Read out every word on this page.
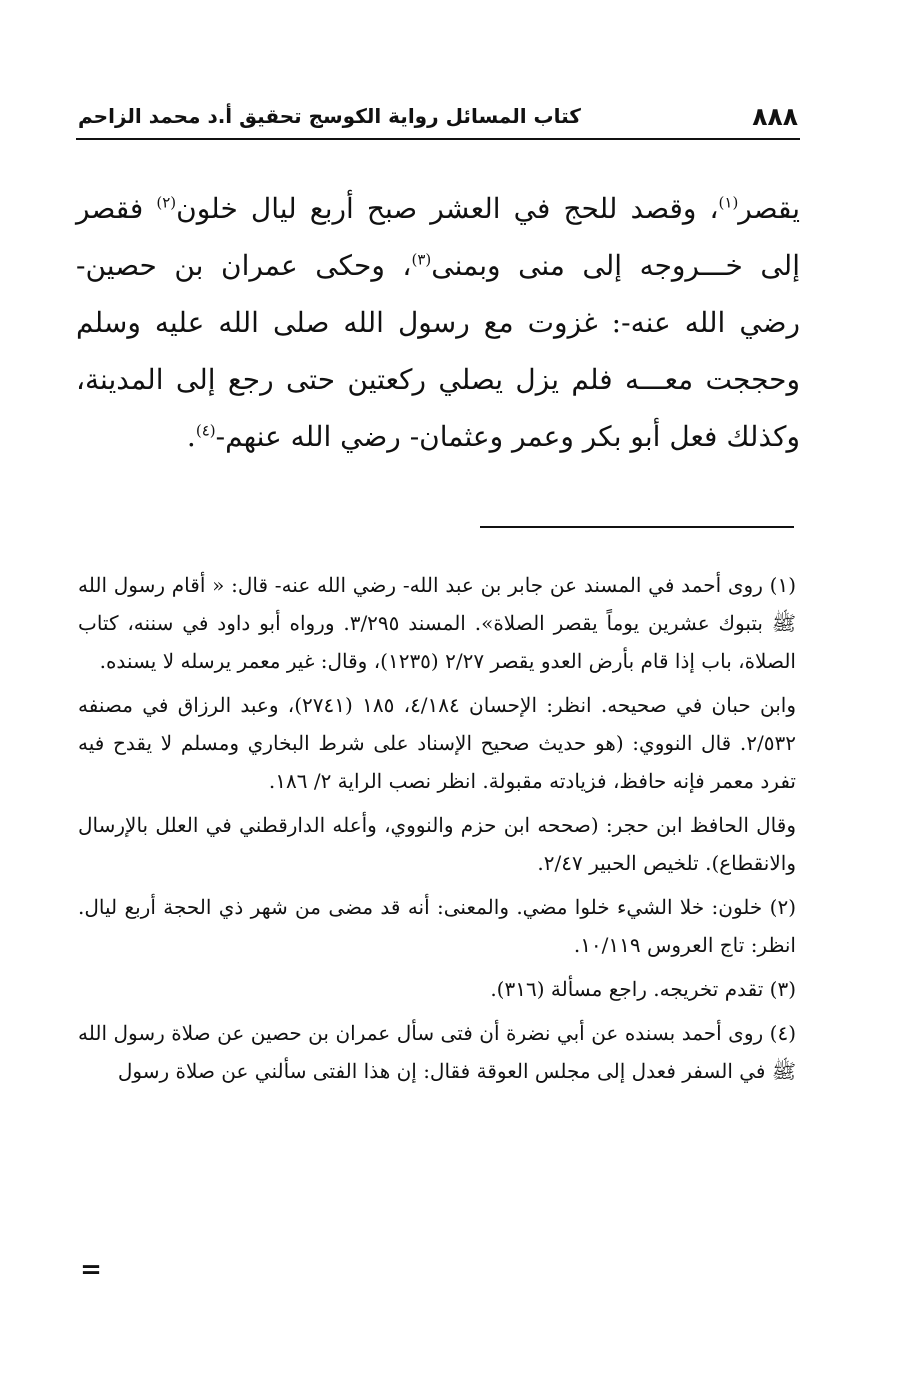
٨٨٨
كتاب المسائل رواية الكوسج تحقيق أ.د محمد الزاحم

يقصر$^{(١)}$، وقصد للحج في العشر صبح أربع ليال خلون$^{(٢)}$ فقصر إلى خـــروجه إلى منى وبمنى$^{(٣)}$، وحكى عمران بن حصين- رضي الله عنه-: غزوت مع رسول الله صلى الله عليه وسلم وحججت معـــه فلم يزل يصلي ركعتين حتى رجع إلى المدينة، وكذلك فعل أبو بكر وعمر وعثمان- رضي الله عنهم-$^{(٤)}$.

(١) روى أحمد في المسند عن جابر بن عبد الله- رضي الله عنه- قال: « أقام رسول الله ﷺ بتبوك عشرين يوماً يقصر الصلاة». المسند ٣/٢٩٥. ورواه أبو داود في سننه، كتاب الصلاة، باب إذا قام بأرض العدو يقصر ٢/٢٧ (١٢٣٥)، وقال: غير معمر يرسله لا يسنده.

وابن حبان في صحيحه. انظر: الإحسان ٤/١٨٤، ١٨٥ (٢٧٤١)، وعبد الرزاق في مصنفه ٢/٥٣٢. قال النووي: (هو حديث صحيح الإسناد على شرط البخاري ومسلم لا يقدح فيه تفرد معمر فإنه حافظ، فزيادته مقبولة. انظر نصب الراية ٢/ ١٨٦.

وقال الحافظ ابن حجر: (صححه ابن حزم والنووي، وأعله الدارقطني في العلل بالإرسال والانقطاع). تلخيص الحبير ٢/٤٧.

(٢) خلون: خلا الشيء خلوا مضي. والمعنى: أنه قد مضى من شهر ذي الحجة أربع ليال. انظر: تاج العروس ١٠/١١٩.

(٣) تقدم تخريجه. راجع مسألة (٣١٦).

(٤) روى أحمد بسنده عن أبي نضرة أن فتى سأل عمران بن حصين عن صلاة رسول الله ﷺ في السفر فعدل إلى مجلس العوقة فقال: إن هذا الفتى سألني عن صلاة رسول

=
